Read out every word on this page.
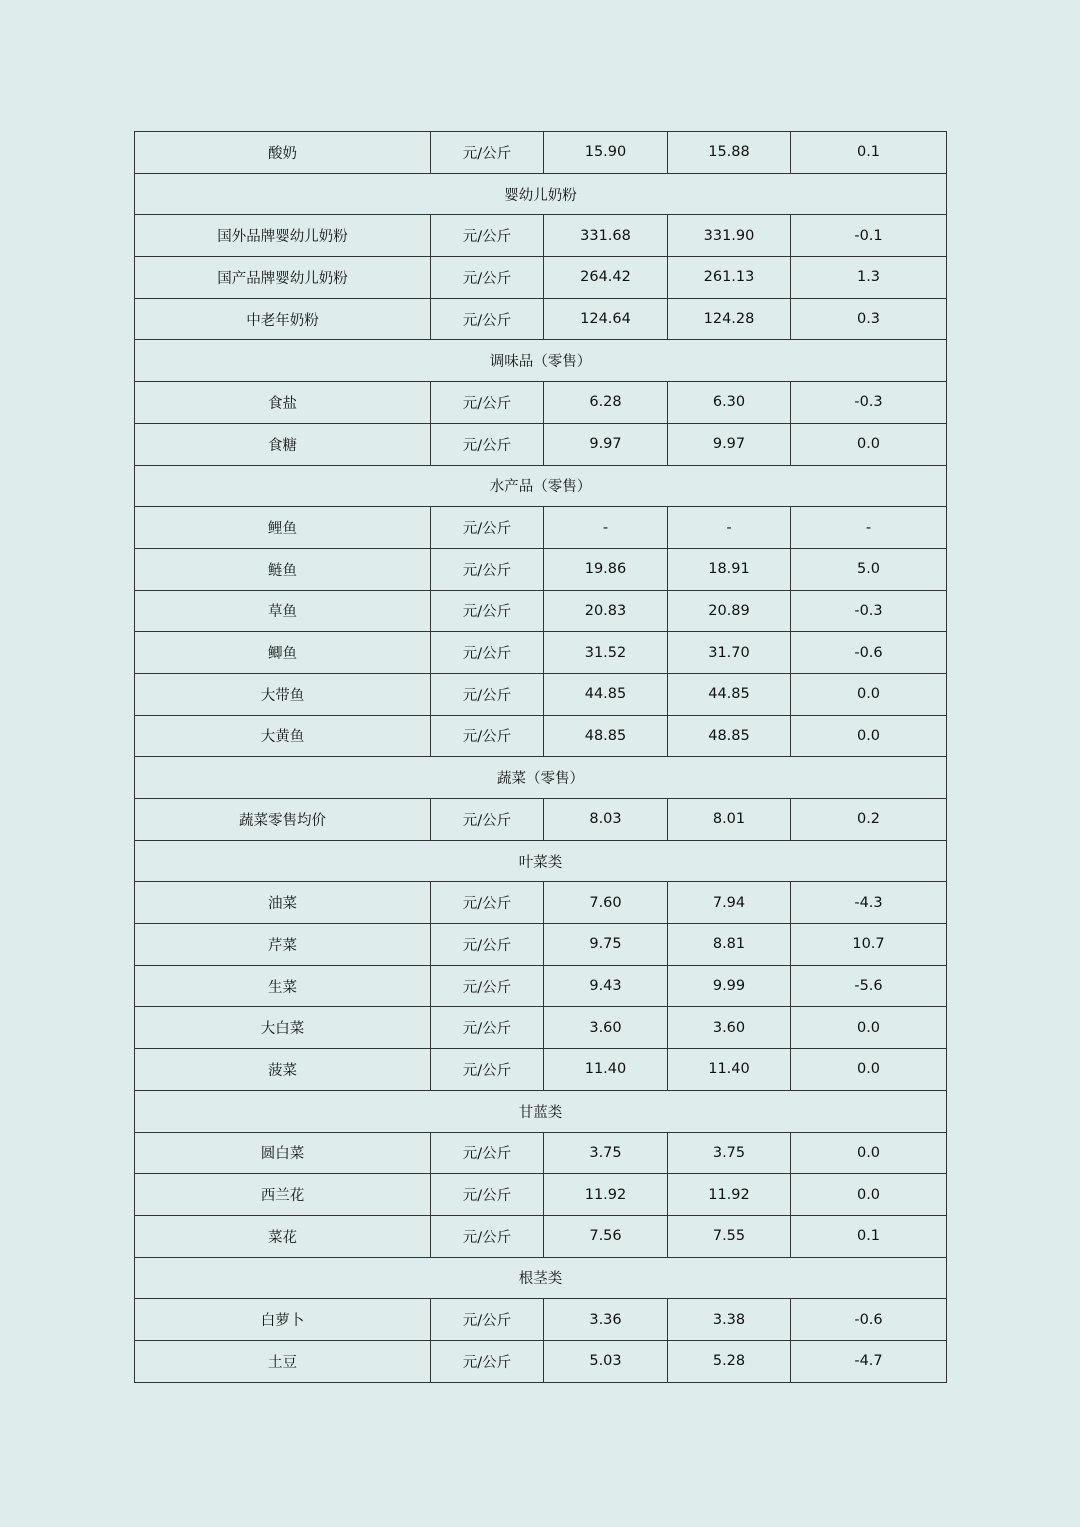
酸奶	元/公斤	15.90	15.88	0.1
婴幼儿奶粉				
国外品牌婴幼儿奶粉	元/公斤	331.68	331.90	-0.1
国产品牌婴幼儿奶粉	元/公斤	264.42	261.13	1.3
中老年奶粉	元/公斤	124.64	124.28	0.3
调味品（零售）				
食盐	元/公斤	6.28	6.30	-0.3
食糖	元/公斤	9.97	9.97	0.0
水产品（零售）				
鲤鱼	元/公斤	-	-	-
鲢鱼	元/公斤	19.86	18.91	5.0
草鱼	元/公斤	20.83	20.89	-0.3
鲫鱼	元/公斤	31.52	31.70	-0.6
大带鱼	元/公斤	44.85	44.85	0.0
大黄鱼	元/公斤	48.85	48.85	0.0
蔬菜（零售）				
蔬菜零售均价	元/公斤	8.03	8.01	0.2
叶菜类				
油菜	元/公斤	7.60	7.94	-4.3
芹菜	元/公斤	9.75	8.81	10.7
生菜	元/公斤	9.43	9.99	-5.6
大白菜	元/公斤	3.60	3.60	0.0
菠菜	元/公斤	11.40	11.40	0.0
甘蓝类				
圆白菜	元/公斤	3.75	3.75	0.0
西兰花	元/公斤	11.92	11.92	0.0
菜花	元/公斤	7.56	7.55	0.1
根茎类				
白萝卜	元/公斤	3.36	3.38	-0.6
土豆	元/公斤	5.03	5.28	-4.7
